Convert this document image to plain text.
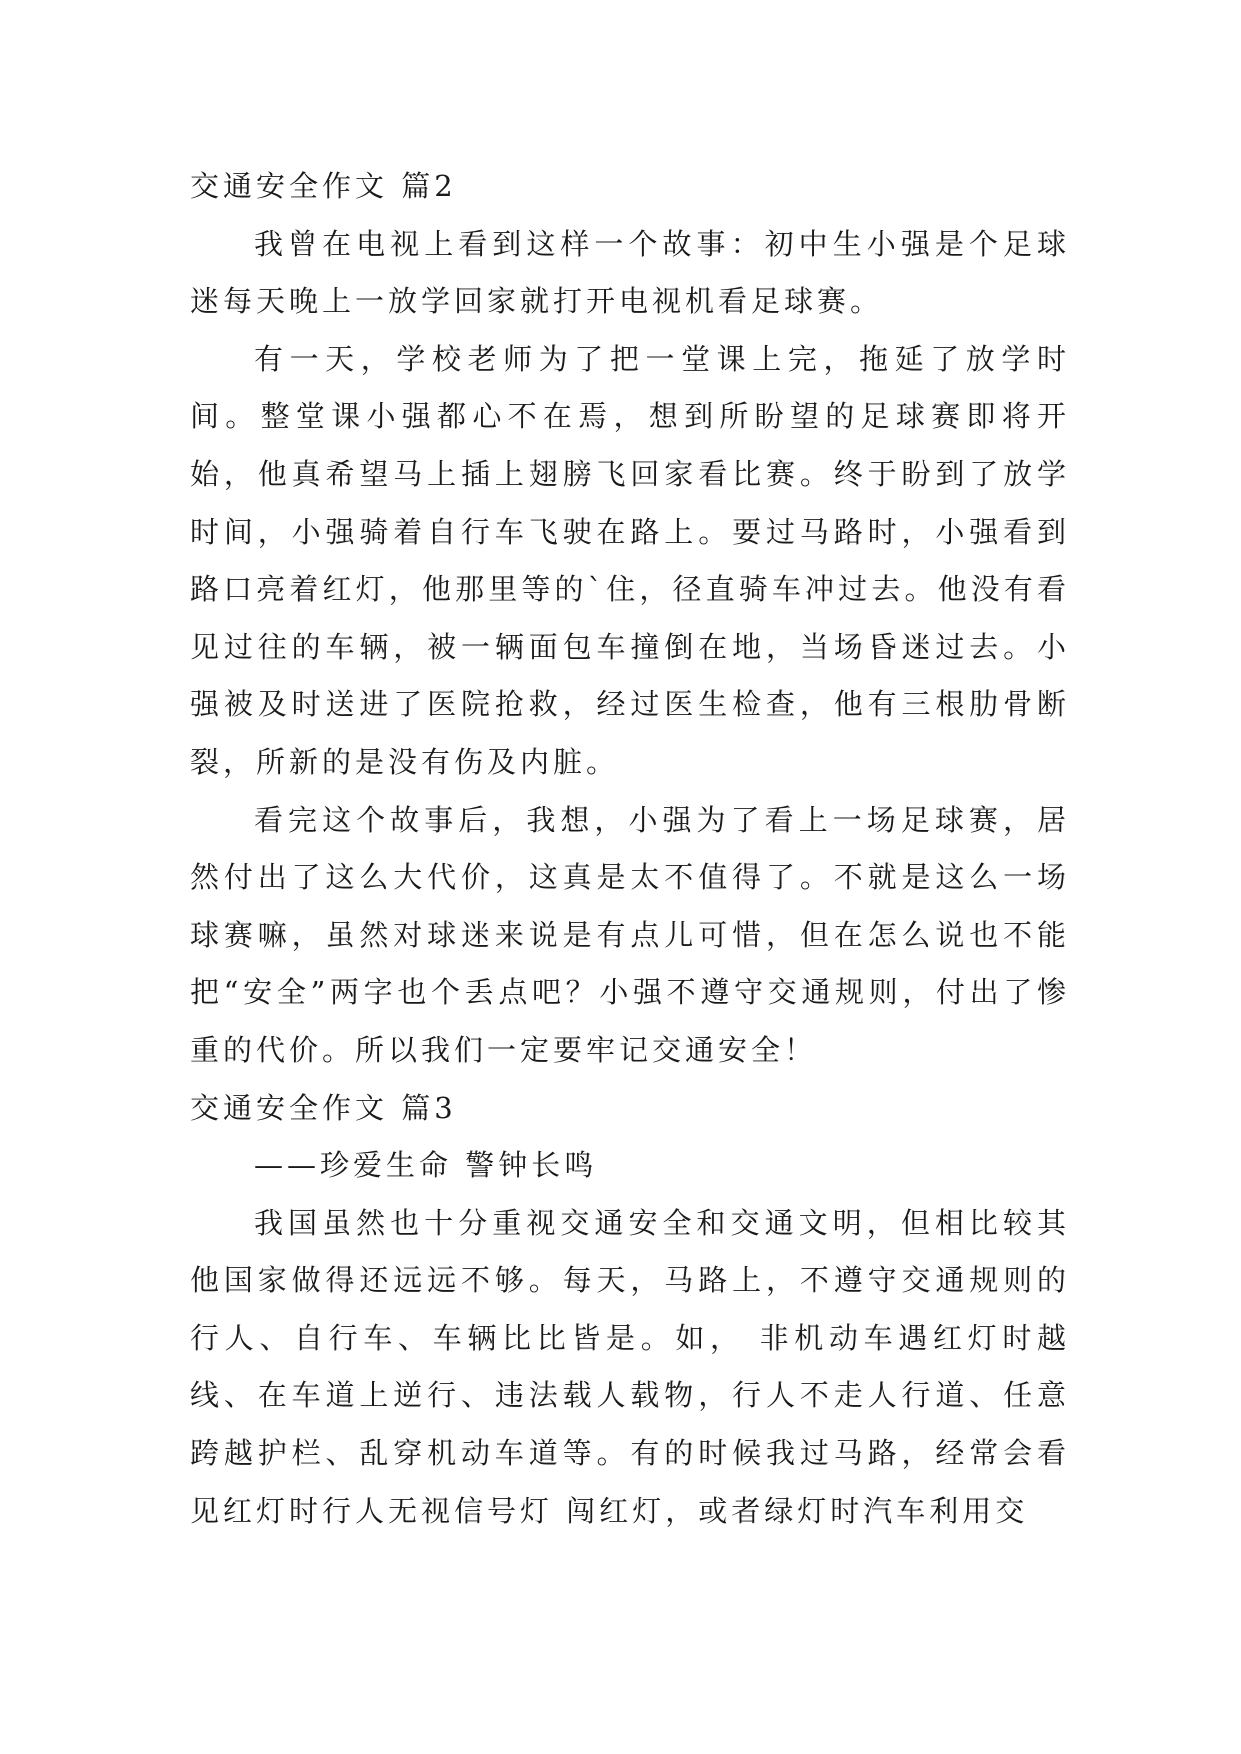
交通安全作文 篇2

我曾在电视上看到这样一个故事：初中生小强是个足球迷每天晚上一放学回家就打开电视机看足球赛。

有一天，学校老师为了把一堂课上完，拖延了放学时间。整堂课小强都心不在焉，想到所盼望的足球赛即将开始，他真希望马上插上翅膀飞回家看比赛。终于盼到了放学时间，小强骑着自行车飞驶在路上。要过马路时，小强看到路口亮着红灯，他那里等的`住，径直骑车冲过去。他没有看见过往的车辆，被一辆面包车撞倒在地，当场昏迷过去。小强被及时送进了医院抢救，经过医生检查，他有三根肋骨断裂，所新的是没有伤及内脏。

看完这个故事后，我想，小强为了看上一场足球赛，居然付出了这么大代价，这真是太不值得了。不就是这么一场球赛嘛，虽然对球迷来说是有点儿可惜，但在怎么说也不能把“安全”两字也个丢点吧？小强不遵守交通规则，付出了惨重的代价。所以我们一定要牢记交通安全！

交通安全作文 篇3

——珍爱生命 警钟长鸣

我国虽然也十分重视交通安全和交通文明，但相比较其他国家做得还远远不够。每天，马路上，不遵守交通规则的行人、自行车、车辆比比皆是。如， 非机动车遇红灯时越线、在车道上逆行、违法载人载物，行人不走人行道、任意跨越护栏、乱穿机动车道等。有的时候我过马路，经常会看见红灯时行人无视信号灯 闯红灯，或者绿灯时汽车利用交
